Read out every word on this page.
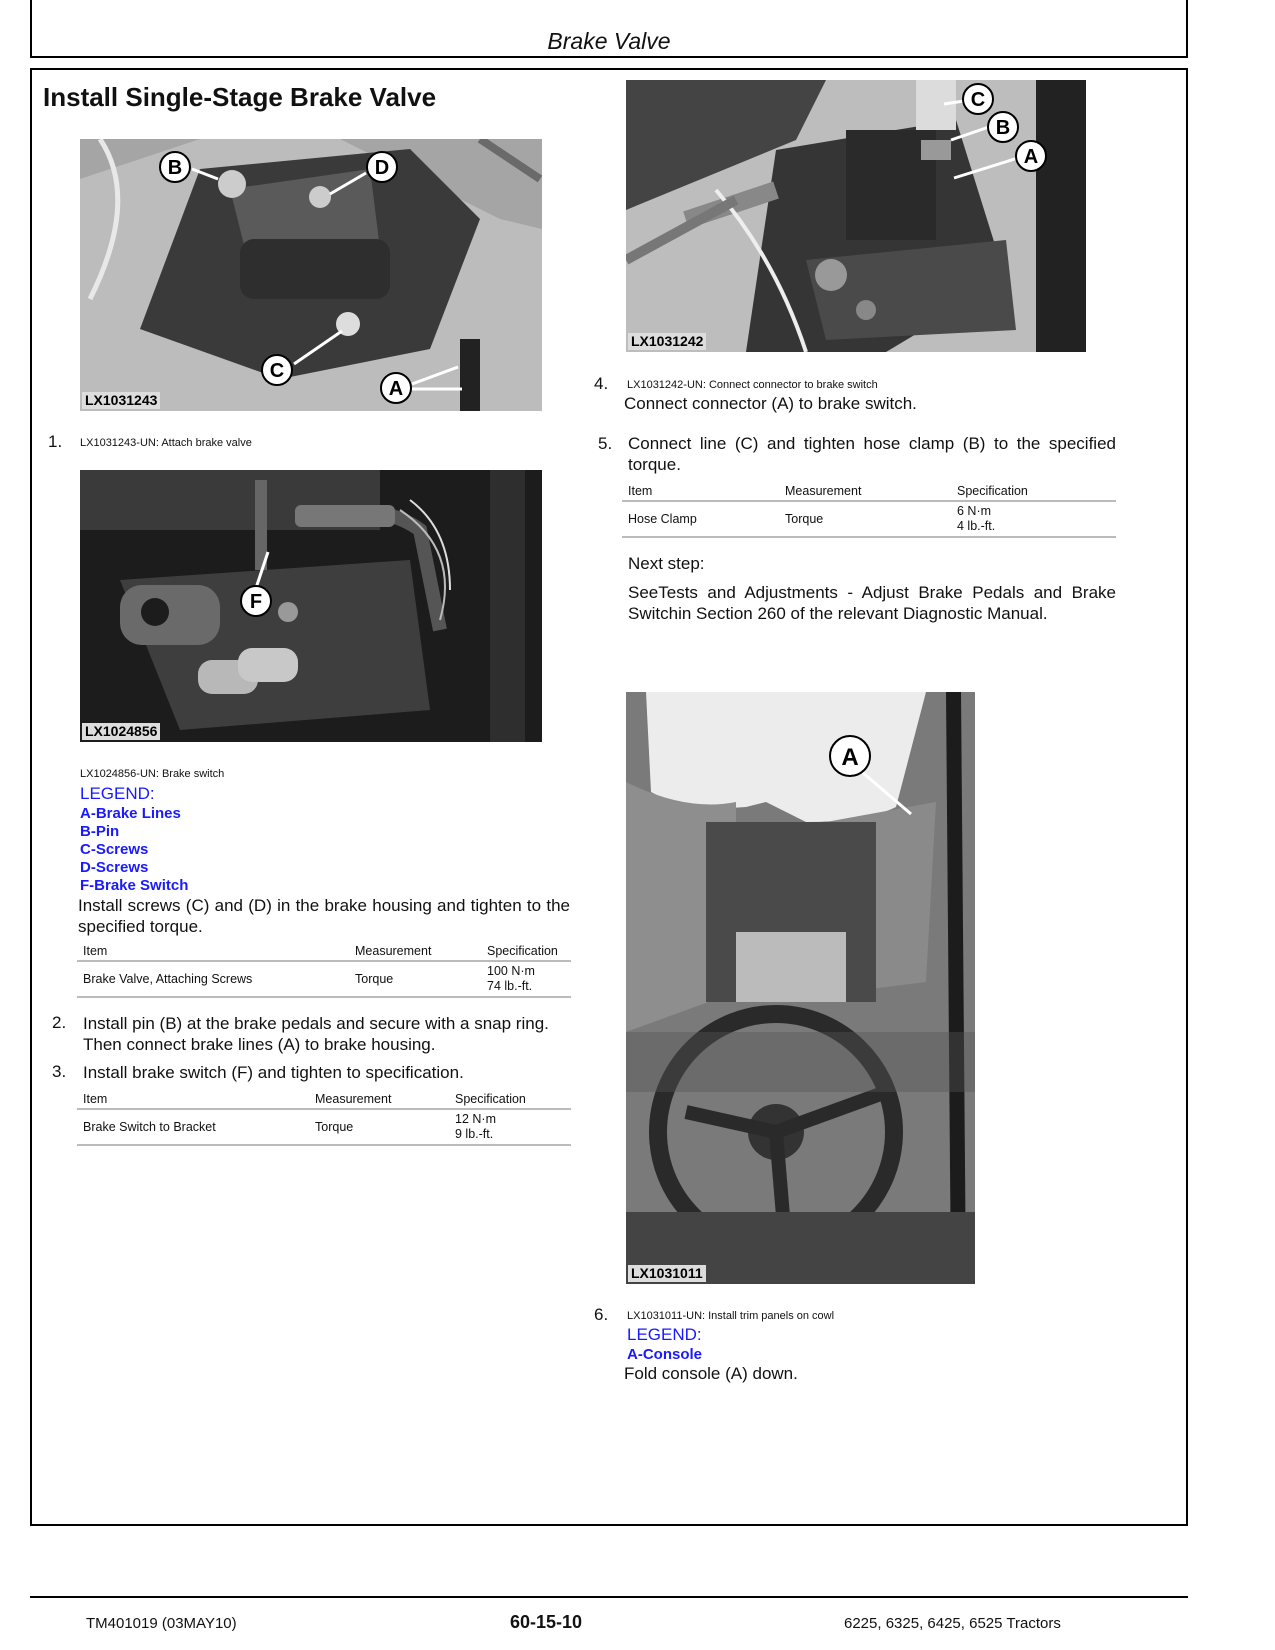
Brake Valve
Install Single-Stage Brake Valve
B	D
C
A
LX1031243
1. LX1031243-UN: Attach brake valve
F
LX1024856
LX1024856-UN: Brake switch
LEGEND:
A-Brake Lines
B-Pin
C-Screws
D-Screws
F-Brake Switch
Install screws (C) and (D) in the brake housing and tighten to the specified torque.
Item	Measurement	Specification
Brake Valve, Attaching Screws	Torque	100 N·m
74 lb.-ft.
2. Install pin (B) at the brake pedals and secure with a snap ring. Then connect brake lines (A) to brake housing.
3. Install brake switch (F) and tighten to specification.
Item	Measurement	Specification
Brake Switch to Bracket	Torque	12 N·m
9 lb.-ft.
C
B
A
LX1031242
4. LX1031242-UN: Connect connector to brake switch
Connect connector (A) to brake switch.
5. Connect line (C) and tighten hose clamp (B) to the specified torque.
Item	Measurement	Specification
Hose Clamp	Torque	6 N·m
4 lb.-ft.
Next step:
SeeTests and Adjustments - Adjust Brake Pedals and Brake Switchin Section 260 of the relevant Diagnostic Manual.
A
LX1031011
6. LX1031011-UN: Install trim panels on cowl
LEGEND:
A-Console
Fold console (A) down.
TM401019 (03MAY10)	60-15-10	6225, 6325, 6425, 6525 Tractors
